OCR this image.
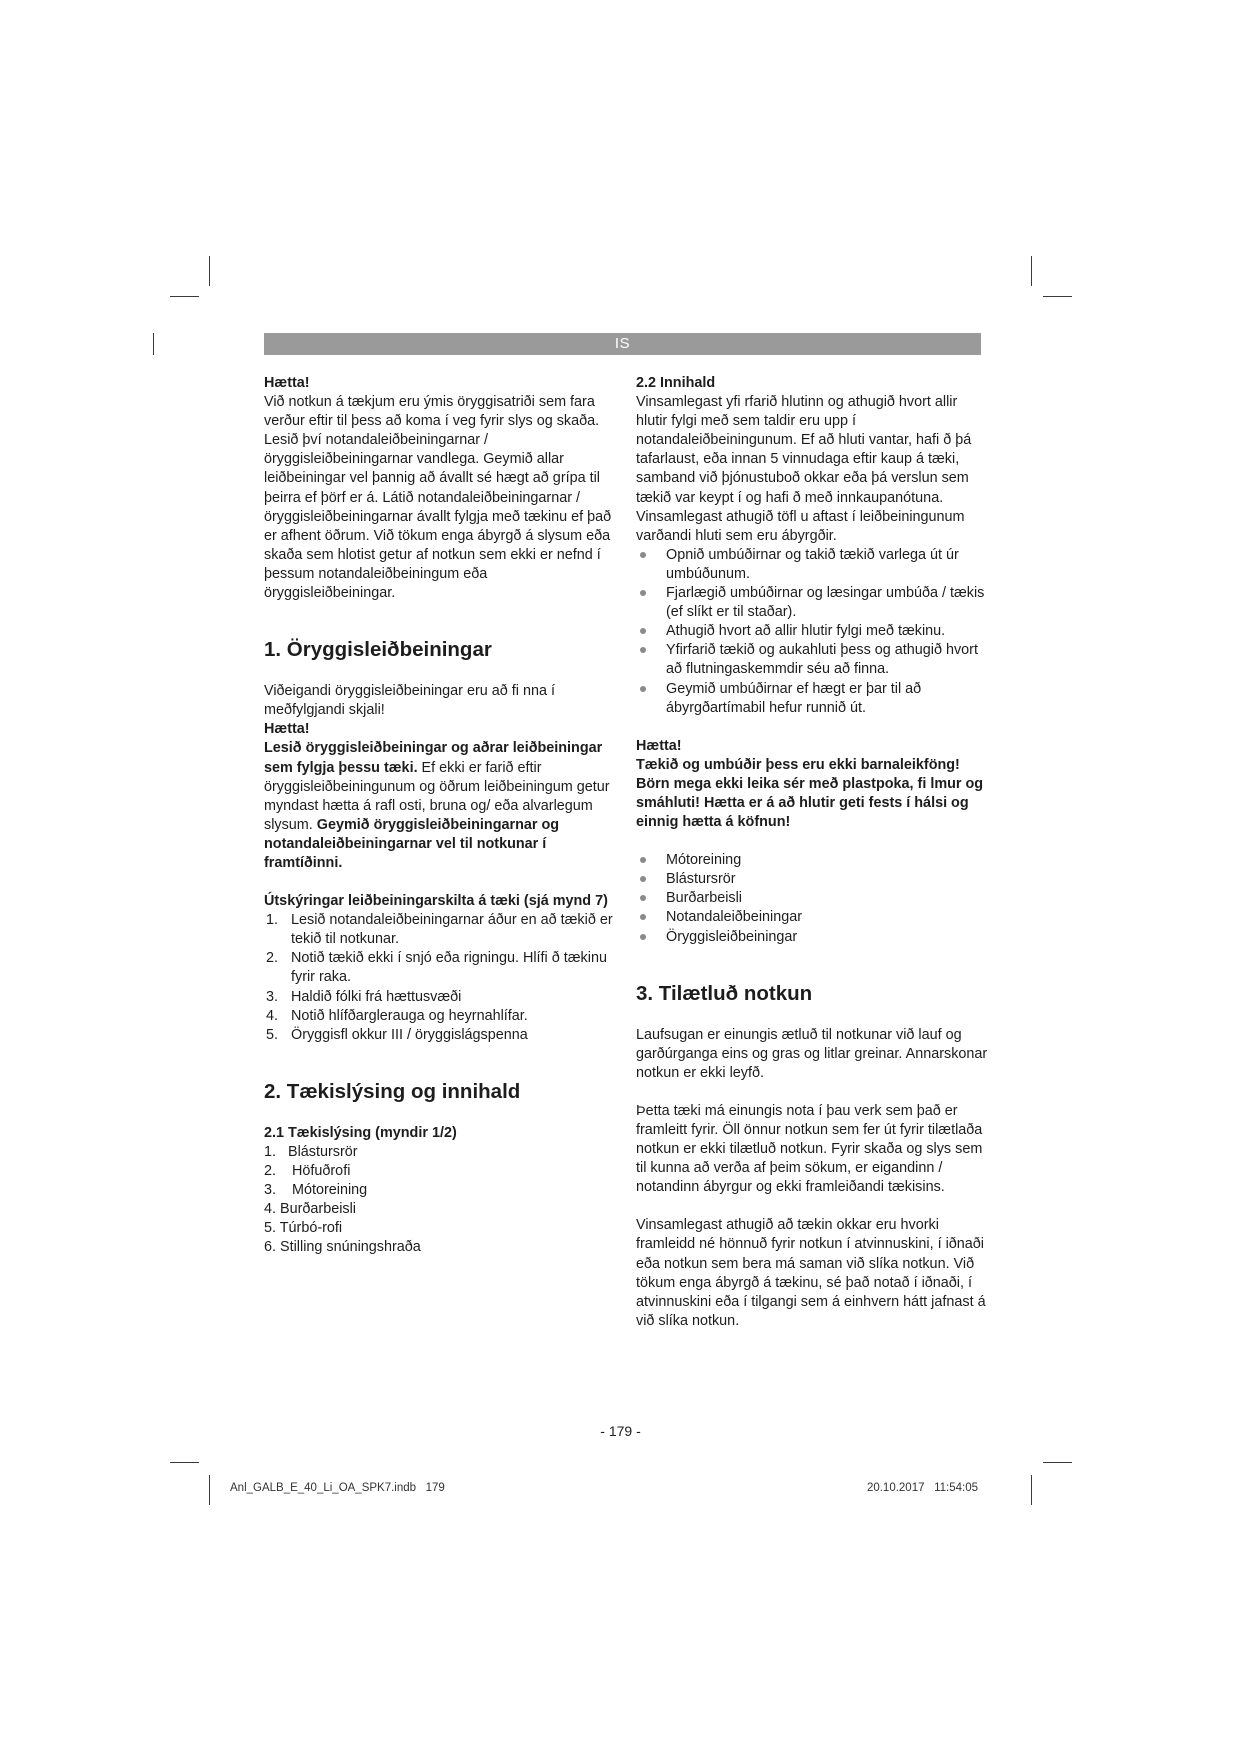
IS

Hætta!

Við notkun á tækjum eru ýmis öryggisatriði sem fara verður eftir til þess að koma í veg fyrir slys og skaða. Lesið því notandaleiðbeiningarnar / öryggisleiðbeiningarnar vandlega. Geymið allar leiðbeiningar vel þannig að ávallt sé hægt að grípa til þeirra ef þörf er á. Látið notandaleiðbeiningarnar / öryggisleiðbeiningarnar ávallt fylgja með tækinu ef það er afhent öðrum. Við tökum enga ábyrgð á slysum eða skaða sem hlotist getur af notkun sem ekki er nefnd í þessum notandaleiðbeiningum eða öryggisleiðbeiningar.

1. Öryggisleiðbeiningar

Viðeigandi öryggisleiðbeiningar eru að fi nna í meðfylgjandi skjali!

Hætta!

Lesið öryggisleiðbeiningar og aðrar leiðbeiningar sem fylgja þessu tæki. Ef ekki er farið eftir öryggisleiðbeiningunum og öðrum leiðbeiningum getur myndast hætta á rafl osti, bruna og/ eða alvarlegum slysum. Geymið öryggisleiðbeiningarnar og notandaleiðbeiningarnar vel til notkunar í framtíðinni.

Útskýringar leiðbeiningarskilta á tæki (sjá mynd 7)

1. Lesið notandaleiðbeiningarnar áður en að tækið er tekið til notkunar.
2. Notið tækið ekki í snjó eða rigningu. Hlífi ð tækinu fyrir raka.
3. Haldið fólki frá hættusvæði
4. Notið hlífðarglerauga og heyrnahlífar.
5. Öryggisfl okkur III / öryggislágspenna
2. Tækislýsing og innihald

2.1 Tækislýsing (myndir 1/2)

1.   Blástursrör
2.    Höfuðrofi
3.    Mótoreining
4. Burðarbeisli
5. Túrbó-rofi
6. Stilling snúningshraða

2.2 Innihald

Vinsamlegast yfi rfarið hlutinn og athugið hvort allir hlutir fylgi með sem taldir eru upp í notandaleiðbeiningunum. Ef að hluti vantar, hafi ð þá tafarlaust, eða innan 5 vinnudaga eftir kaup á tæki, samband við þjónustuboð okkar eða þá verslun sem tækið var keypt í og hafi ð með innkaupanótuna. Vinsamlegast athugið töfl u aftast í leiðbeiningunum varðandi hluti sem eru ábyrgðir.

Opnið umbúðirnar og takið tækið varlega út úr umbúðunum.
Fjarlægið umbúðirnar og læsingar umbúða / tækis (ef slíkt er til staðar).
Athugið hvort að allir hlutir fylgi með tækinu.
Yfirfarið tækið og aukahluti þess og athugið hvort að flutningaskemmdir séu að finna.
Geymið umbúðirnar ef hægt er þar til að ábyrgðartímabil hefur runnið út.

Hætta!

Tækið og umbúðir þess eru ekki barnaleikföng! Börn mega ekki leika sér með plastpoka, fi lmur og smáhluti! Hætta er á að hlutir geti fests í hálsi og einnig hætta á köfnun!

Mótoreining
Blástursrör
Burðarbeisli
Notandaleiðbeiningar
Öryggisleiðbeiningar
3. Tilætluð notkun

Laufsugan er einungis ætluð til notkunar við lauf og garðúrganga eins og gras og litlar greinar. Annarskonar notkun er ekki leyfð.

Þetta tæki má einungis nota í þau verk sem það er framleitt fyrir. Öll önnur notkun sem fer út fyrir tilætlaða notkun er ekki tilætluð notkun. Fyrir skaða og slys sem til kunna að verða af þeim sökum, er eigandinn / notandinn ábyrgur og ekki framleiðandi tækisins.

Vinsamlegast athugið að tækin okkar eru hvorki framleidd né hönnuð fyrir notkun í atvinnuskini, í iðnaði eða notkun sem bera má saman við slíka notkun. Við tökum enga ábyrgð á tækinu, sé það notað í iðnaði, í atvinnuskini eða í tilgangi sem á einhvern hátt jafnast á við slíka notkun.

- 179 -
Anl_GALB_E_40_Li_OA_SPK7.indb   179	20.10.2017   11:54:05
